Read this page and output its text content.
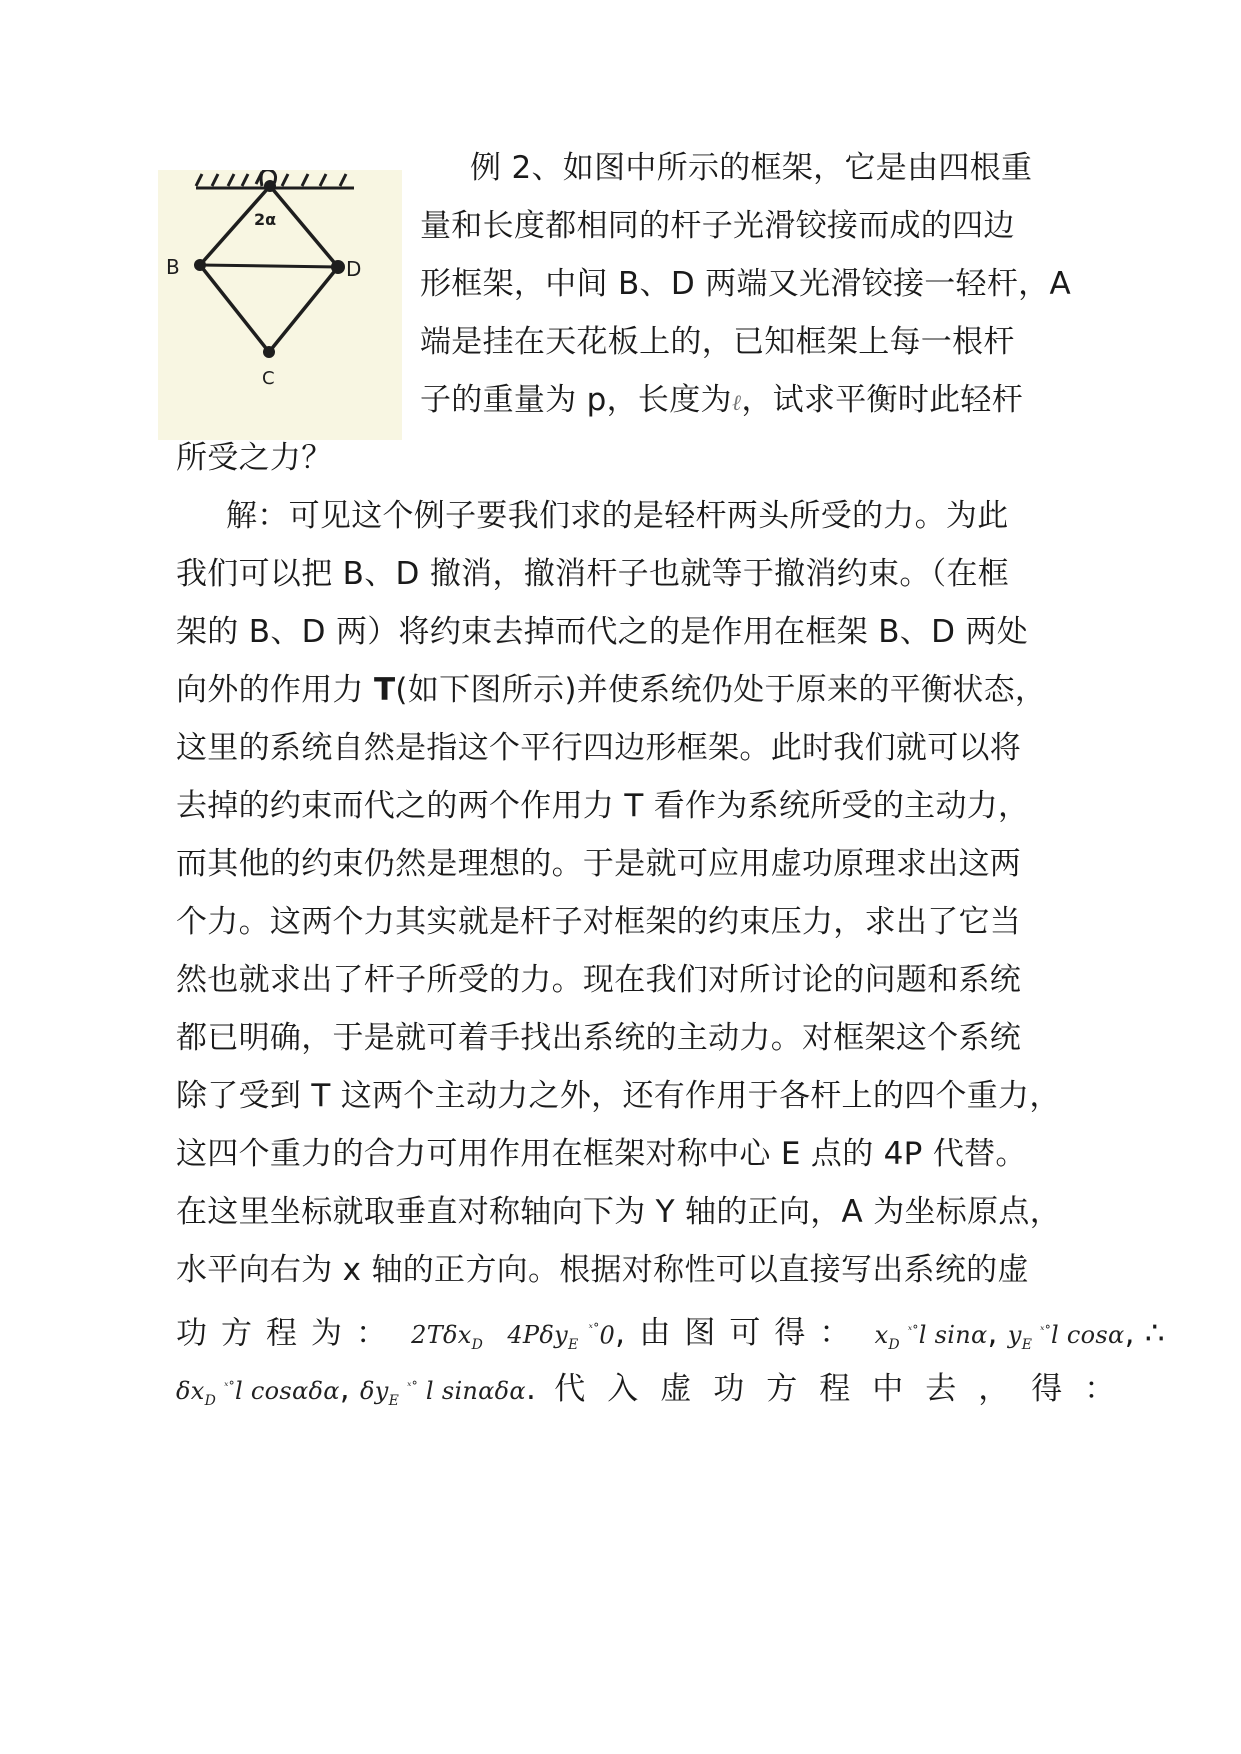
2α
B	D
C
例 2、如图中所示的框架，它是由四根重
量和长度都相同的杆子光滑铰接而成的四边
形框架，中间 B、D 两端又光滑铰接一轻杆，A
端是挂在天花板上的，已知框架上每一根杆
子的重量为 p，长度为ℓ，试求平衡时此轻杆
所受之力？
解：可见这个例子要我们求的是轻杆两头所受的力。为此
我们可以把 B、D 撤消，撤消杆子也就等于撤消约束。（在框
架的 B、D 两）将约束去掉而代之的是作用在框架 B、D 两处
向外的作用力 T(如下图所示)并使系统仍处于原来的平衡状态，
这里的系统自然是指这个平行四边形框架。此时我们就可以将
去掉的约束而代之的两个作用力 T 看作为系统所受的主动力，
而其他的约束仍然是理想的。于是就可应用虚功原理求出这两
个力。这两个力其实就是杆子对框架的约束压力，求出了它当
然也就求出了杆子所受的力。现在我们对所讨论的问题和系统
都已明确，于是就可着手找出系统的主动力。对框架这个系统
除了受到 T 这两个主动力之外，还有作用于各杆上的四个重力，
这四个重力的合力可用作用在框架对称中心 E 点的 4P 代替。
在这里坐标就取垂直对称轴向下为 Y 轴的正向，A 为坐标原点，
水平向右为 x 轴的正方向。根据对称性可以直接写出系统的虚
功方程为： 2Tδx$_D$ 4Pδy$_E$ $^{ˣ^\circ}$0, 由图可得： $x_D$ $^{ˣ^\circ}$l sinα, $y_E$ $^{ˣ^\circ}$l cosα, ∴
$\delta x_D$ $^{ˣ^\circ}$l cosαδα, $\delta y_E$ $^{ˣ^\circ}$ l sinαδα. 代入虚功方程中去，得：
